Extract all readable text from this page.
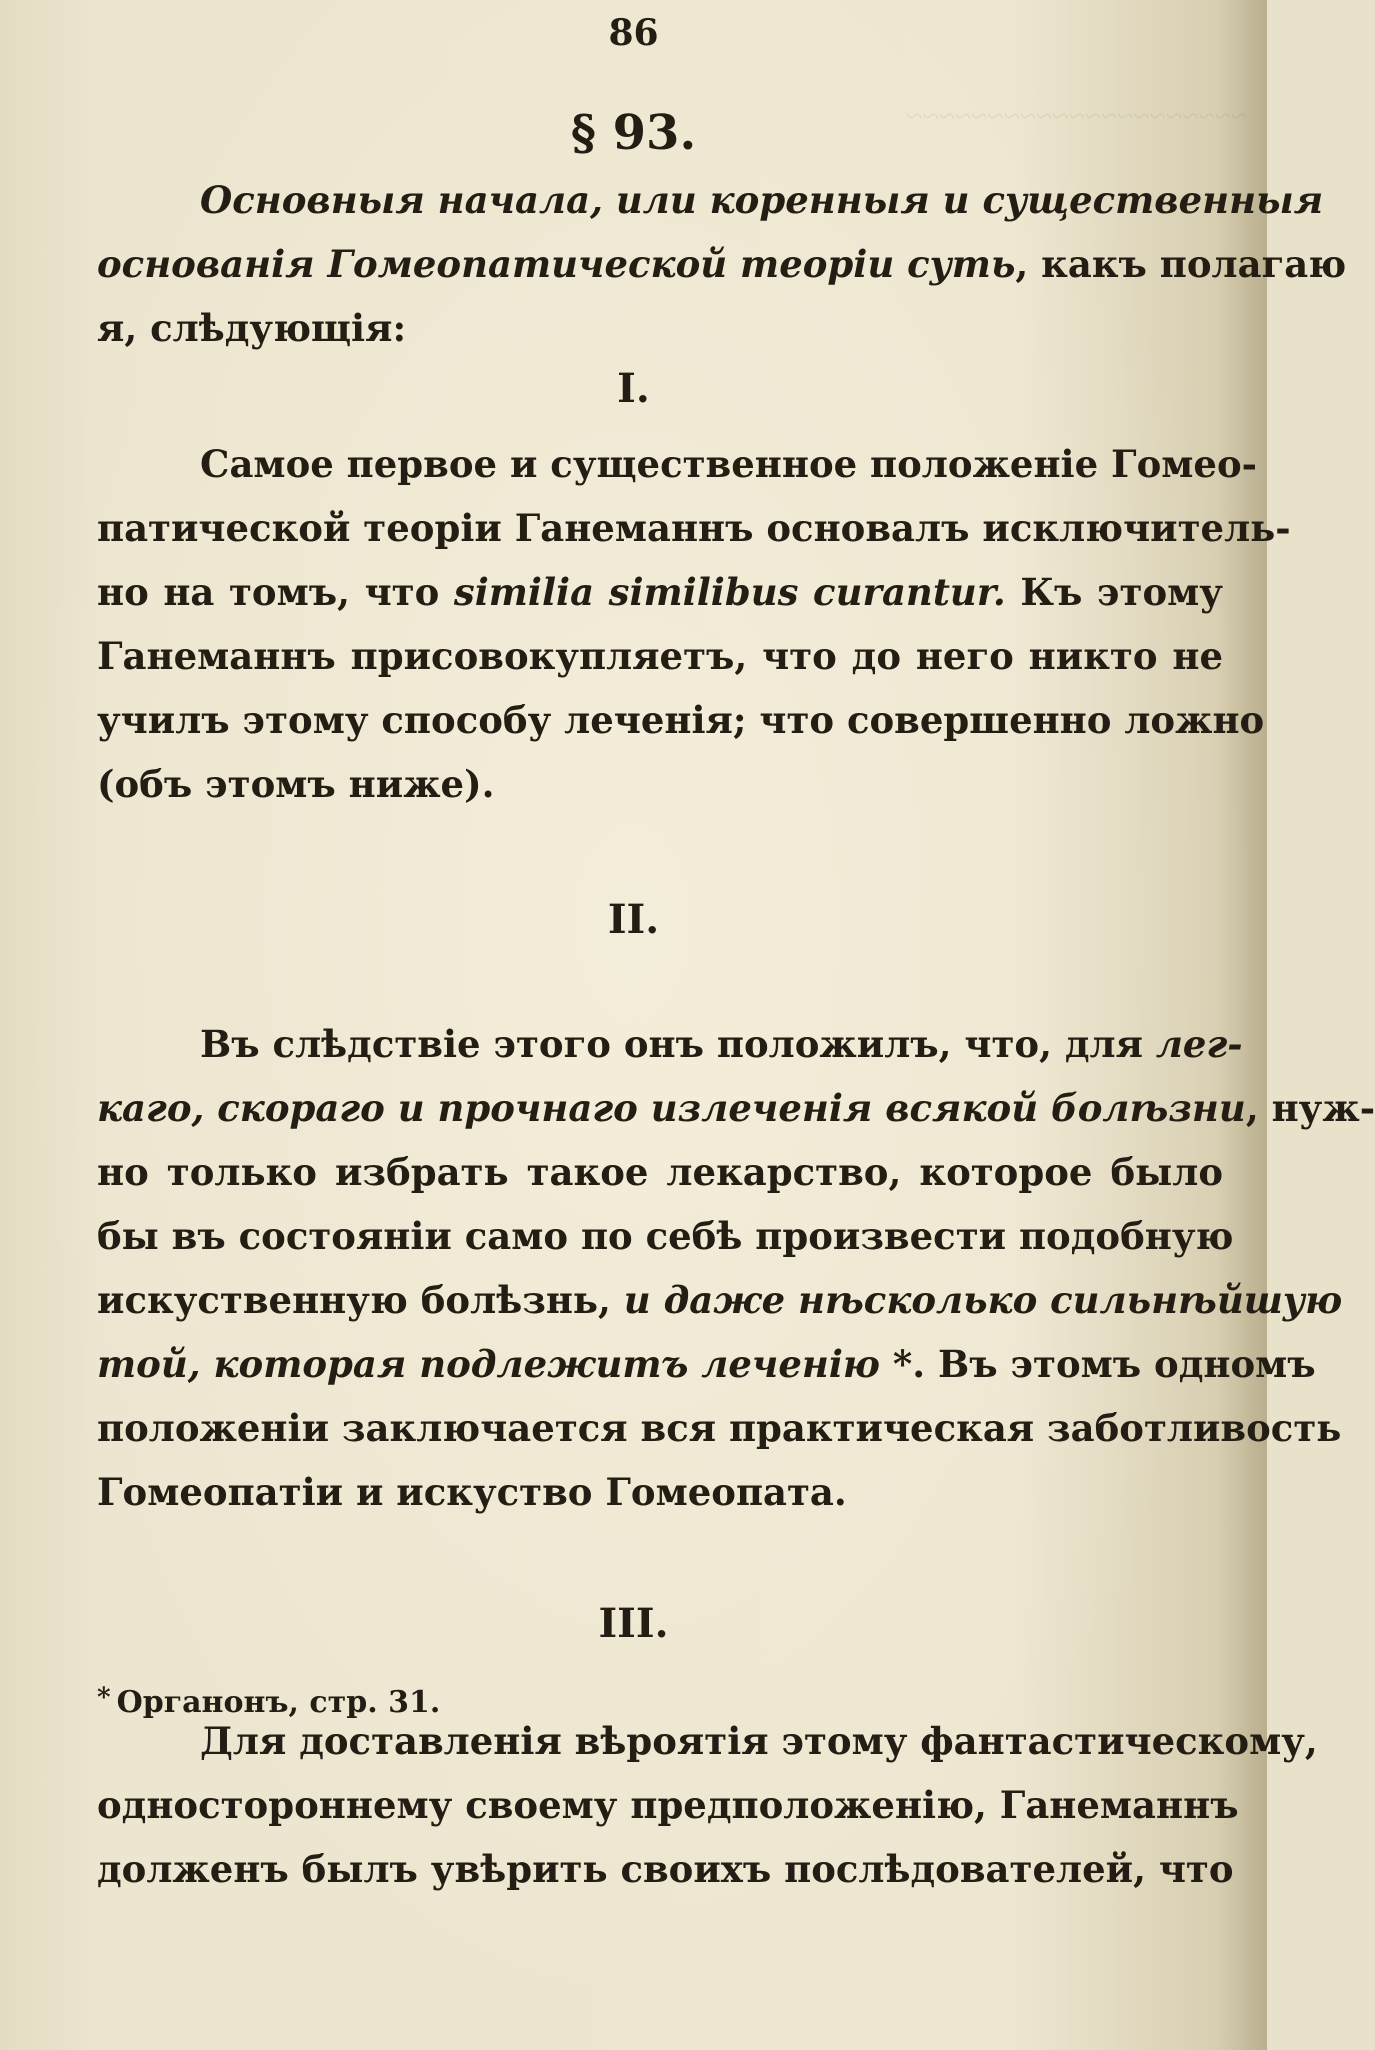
~~~~~~~~~~~~~~~~~~~~~
86
§ 93.
Основныя начала, или коренныя и существенныя
основанія Гомеопатической теоріи суть, какъ полагаю
я, слѣдующія:
I.
Самое первое и существенное положеніе Гомео-
патической теоріи Ганеманнъ основалъ исключитель-
но на томъ, что similia similibus curantur. Къ этому
Ганеманнъ присовокупляетъ, что до него никто не
училъ этому способу леченія; что совершенно ложно
(объ этомъ ниже).
II.
Въ слѣдствіе этого онъ положилъ, что, для лег-
каго, скораго и прочнаго излеченія всякой болѣзни, нуж-
но только избрать такое лекарство, которое было
бы въ состояніи само по себѣ произвести подобную
искуственную болѣзнь, и даже нѣсколько сильнѣйшую
той, которая подлежитъ леченію *. Въ этомъ одномъ
положеніи заключается вся практическая заботливость
Гомеопатіи и искуство Гомеопата.
III.
Для доставленія вѣроятія этому фантастическому,
одностороннему своему предположенію, Ганеманнъ
долженъ былъ увѣрить своихъ послѣдователей, что
* Органонъ, стр. 31.
